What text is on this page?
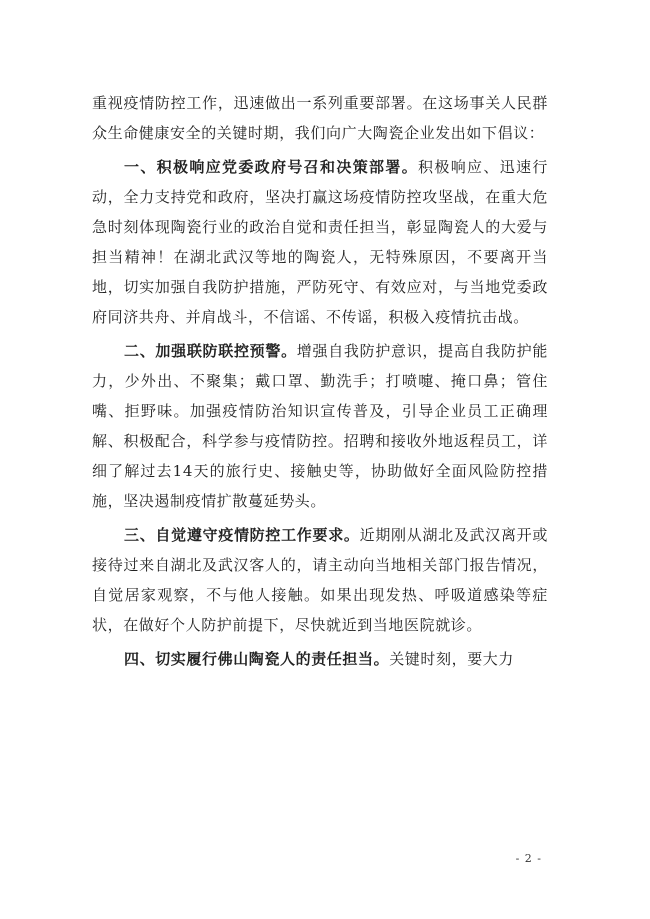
重视疫情防控工作，迅速做出一系列重要部署。在这场事关人民群众生命健康安全的关键时期，我们向广大陶瓷企业发出如下倡议：

一、积极响应党委政府号召和决策部署。积极响应、迅速行动，全力支持党和政府，坚决打赢这场疫情防控攻坚战，在重大危急时刻体现陶瓷行业的政治自觉和责任担当，彰显陶瓷人的大爱与担当精神！在湖北武汉等地的陶瓷人，无特殊原因，不要离开当地，切实加强自我防护措施，严防死守、有效应对，与当地党委政府同济共舟、并肩战斗，不信谣、不传谣，积极入疫情抗击战。

二、加强联防联控预警。增强自我防护意识，提高自我防护能力，少外出、不聚集；戴口罩、勤洗手；打喷嚏、掩口鼻；管住嘴、拒野味。加强疫情防治知识宣传普及，引导企业员工正确理解、积极配合，科学参与疫情防控。招聘和接收外地返程员工，详细了解过去14天的旅行史、接触史等，协助做好全面风险防控措施，坚决遏制疫情扩散蔓延势头。

三、自觉遵守疫情防控工作要求。近期刚从湖北及武汉离开或接待过来自湖北及武汉客人的，请主动向当地相关部门报告情况，自觉居家观察，不与他人接触。如果出现发热、呼吸道感染等症状，在做好个人防护前提下，尽快就近到当地医院就诊。

四、切实履行佛山陶瓷人的责任担当。关键时刻，要大力

- 2 -
